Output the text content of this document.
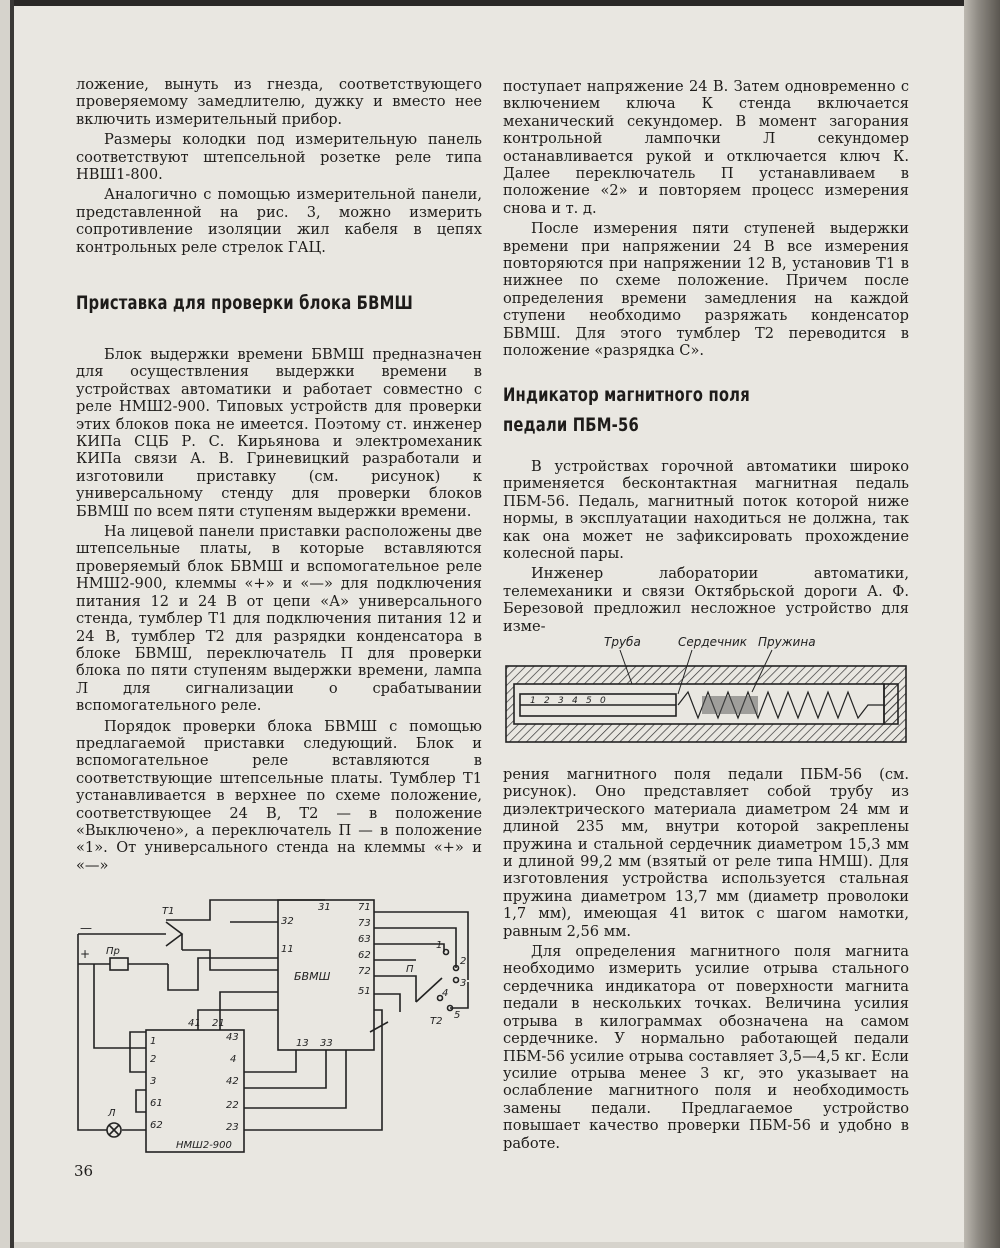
ложение, вынуть из гнезда, соответствующего проверяемому замедлителю, дужку и вместо нее включить измерительный прибор.

Размеры колодки под измерительную панель соответствуют штепсельной розетке реле типа НВШ1-800.

Аналогично с помощью измерительной панели, представленной на рис. 3, можно измерить сопротивление изоляции жил кабеля в цепях контрольных реле стрелок ГАЦ.

Приставка для проверки блока БВМШ

Блок выдержки времени БВМШ предназначен для осуществления выдержки времени в устройствах автоматики и работает совместно с реле НМШ2-900. Типовых устройств для проверки этих блоков пока не имеется. Поэтому ст. инженер КИПа СЦБ Р. С. Кирьянова и электромеханик КИПа связи А. В. Гриневицкий разработали и изготовили приставку (см. рисунок) к универсальному стенду для проверки блоков БВМШ по всем пяти ступеням выдержки времени.

На лицевой панели приставки расположены две штепсельные платы, в которые вставляются проверяемый блок БВМШ и вспомогательное реле НМШ2-900, клеммы «+» и «—» для подключения питания 12 и 24 В от цепи «А» универсального стенда, тумблер Т1 для подключения питания 12 и 24 В, тумблер Т2 для разрядки конденсатора в блоке БВМШ, переключатель П для проверки блока по пяти ступеням выдержки времени, лампа Л для сигнализации о срабатывании вспомогательного реле.

Порядок проверки блока БВМШ с помощью предлагаемой приставки следующий. Блок и вспомогательное реле вставляются в соответствующие штепсельные платы. Тумблер Т1 устанавливается в верхнее по схеме положение, соответствующее 24 В, Т2 — в положение «Выключено», а переключатель П — в положение «1». От универсального стенда на клеммы «+» и «—»

Т1
Т2
Пр
Л
П
БВМШ
НМШ2-900
+
—
31
32
11
71
73
63
62
72
51
13 33
41 21
1
2
3
61
62
43
4
42
22
23
1
2
3
4
5
36

поступает напряжение 24 В. Затем одновременно с включением ключа К стенда включается механический секундомер. В момент загорания контрольной лампочки Л секундомер останавливается рукой и отключается ключ К. Далее переключатель П устанавливаем в положение «2» и повторяем процесс измерения снова и т. д.

После измерения пяти ступеней выдержки времени при напряжении 24 В все измерения повторяются при напряжении 12 В, установив Т1 в нижнее по схеме положение. Причем после определения времени замедления на каждой ступени необходимо разряжать конденсатор БВМШ. Для этого тумблер Т2 переводится в положение «разрядка С».

Индикатор магнитного поля
педали ПБМ-56

В устройствах горочной автоматики широко применяется бесконтактная магнитная педаль ПБМ-56. Педаль, магнитный поток которой ниже нормы, в эксплуатации находиться не должна, так как она может не зафиксировать прохождение колесной пары.

Инженер лаборатории автоматики, телемеханики и связи Октябрьской дороги А. Ф. Березовой предложил несложное устройство для изме-

Труба	Сердечник Пружина
1 2 3 4 5 0

рения магнитного поля педали ПБМ-56 (см. рисунок). Оно представляет собой трубу из диэлектрического материала диаметром 24 мм и длиной 235 мм, внутри которой закреплены пружина и стальной сердечник диаметром 15,3 мм и длиной 99,2 мм (взятый от реле типа НМШ). Для изготовления устройства используется стальная пружина диаметром 13,7 мм (диаметр проволоки 1,7 мм), имеющая 41 виток с шагом намотки, равным 2,56 мм.

Для определения магнитного поля магнита необходимо измерить усилие отрыва стального сердечника индикатора от поверхности магнита педали в нескольких точках. Величина усилия отрыва в килограммах обозначена на самом сердечнике. У нормально работающей педали ПБМ-56 усилие отрыва составляет 3,5—4,5 кг. Если усилие отрыва менее 3 кг, это указывает на ослабление магнитного поля и необходимость замены педали. Предлагаемое устройство повышает качество проверки ПБМ-56 и удобно в работе.
